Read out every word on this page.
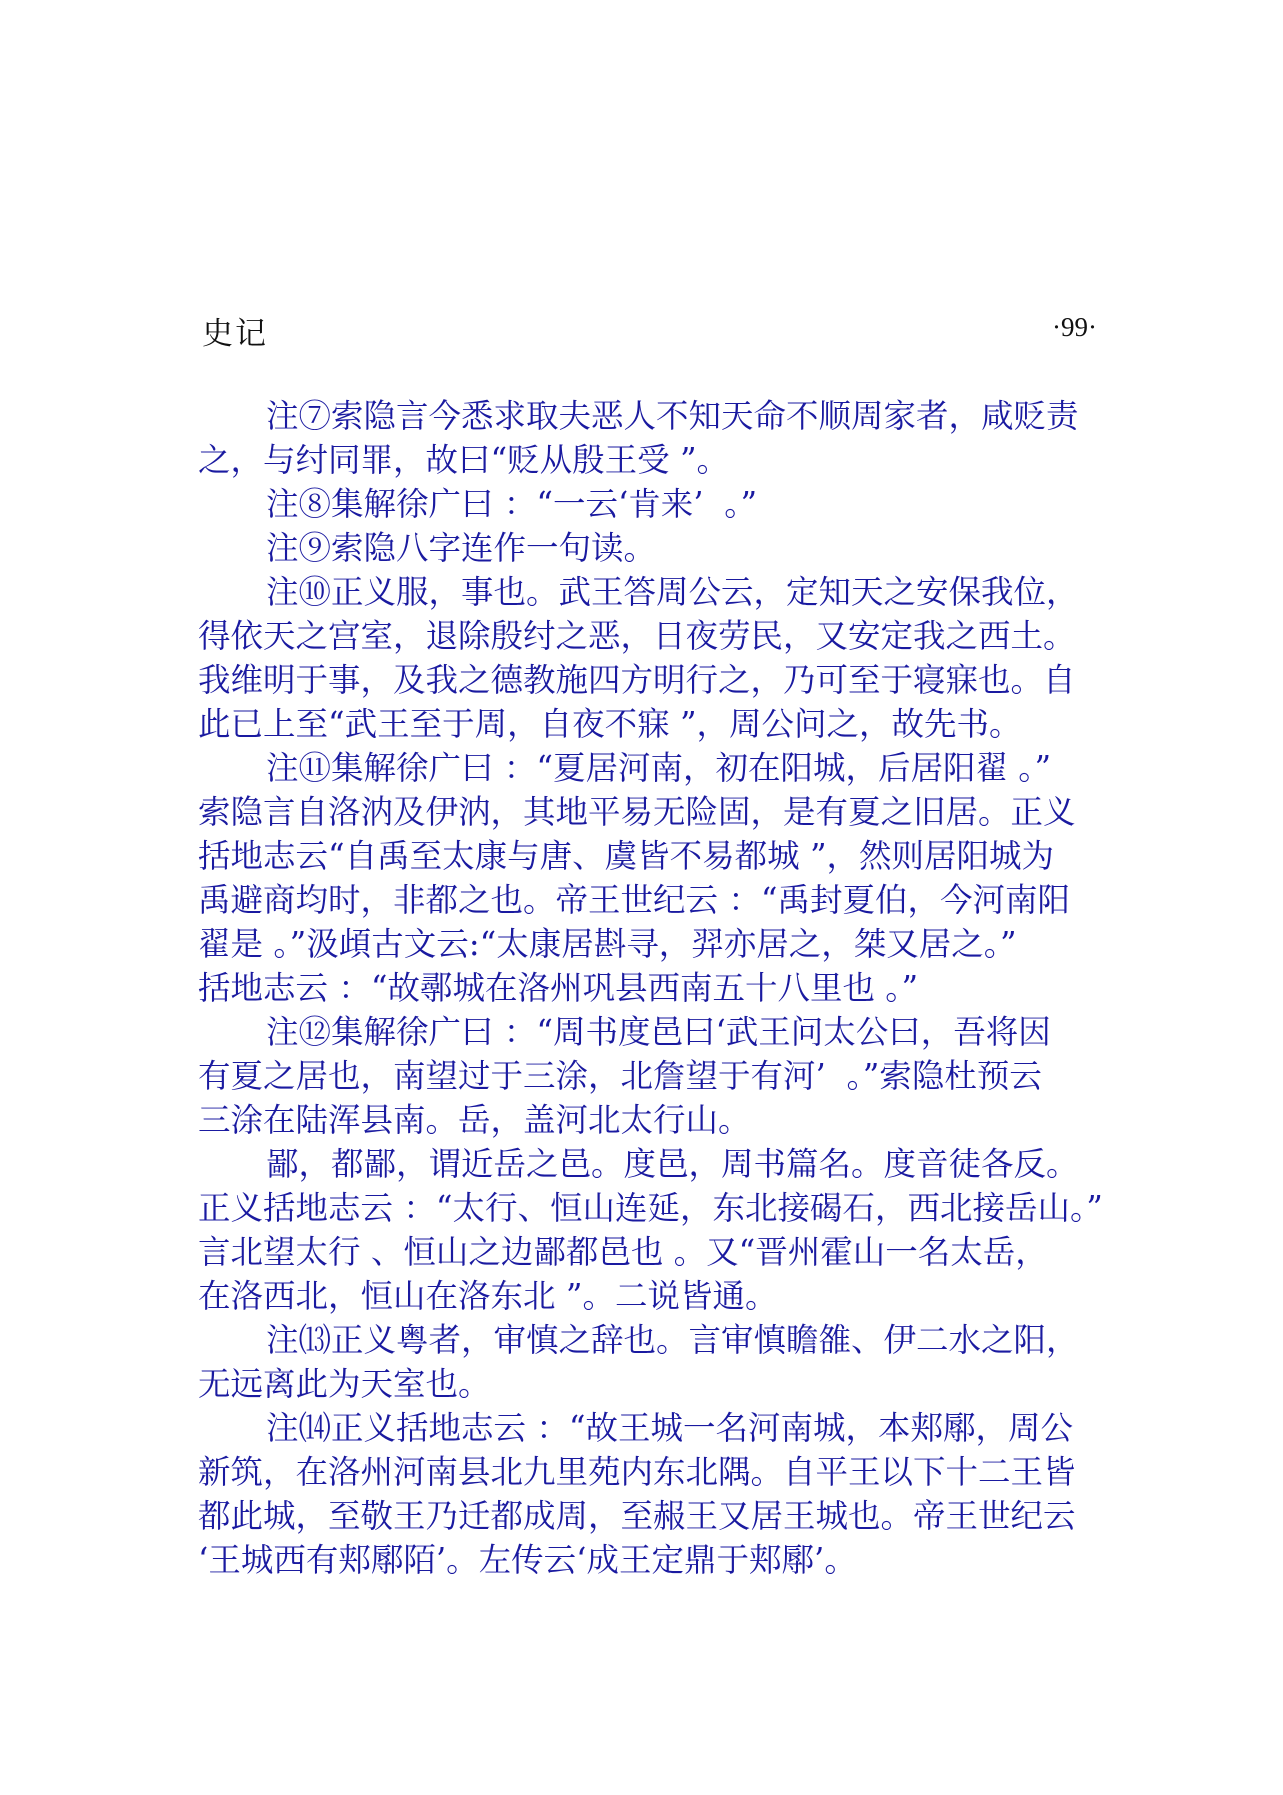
史记	·99·
注⑦索隐言今悉求取夫恶人不知天命不顺周家者，咸贬责
之，与纣同罪，故曰“贬从殷王受 ”。
注⑧集解徐广曰 ：“一云‘肯来’  。”
注⑨索隐八字连作一句读。
注⑩正义服，事也。武王答周公云，定知天之安保我位，
得依天之宫室，退除殷纣之恶，日夜劳民，又安定我之西土。
我维明于事，及我之德教施四方明行之，乃可至于寝寐也。自
此已上至“武王至于周，自夜不寐 ”，周公问之，故先书。
注⑪集解徐广曰 ：“夏居河南，初在阳城，后居阳翟 。”
索隐言自洛汭及伊汭，其地平易无险固，是有夏之旧居。正义
括地志云“自禹至太康与唐、虞皆不易都城 ”，然则居阳城为
禹避商均时，非都之也。帝王世纪云 ：“禹封夏伯，今河南阳
翟是 。”汲頉古文云:“太康居斟寻，羿亦居之，桀又居之。”
括地志云 ：“故鄩城在洛州巩县西南五十八里也 。”
注⑫集解徐广曰 ：“周书度邑曰‘武王问太公曰，吾将因
有夏之居也，南望过于三涂，北詹望于有河’  。”索隐杜预云
三涂在陆浑县南。岳，盖河北太行山。
鄙，都鄙，谓近岳之邑。度邑，周书篇名。度音徒各反。
正义括地志云 ：“太行、恒山连延，东北接碣石，西北接岳山。”
言北望太行 、恒山之边鄙都邑也 。又“晋州霍山一名太岳，
在洛西北，恒山在洛东北 ”。二说皆通。
注⒀正义粤者，审慎之辞也。言审慎瞻雒、伊二水之阳，
无远离此为天室也。
注⒁正义括地志云 ：“故王城一名河南城，本郏鄏，周公
新筑，在洛州河南县北九里苑内东北隅。自平王以下十二王皆
都此城，至敬王乃迁都成周，至赧王又居王城也。帝王世纪云
‘王城西有郏鄏陌’。左传云‘成王定鼎于郏鄏’。
